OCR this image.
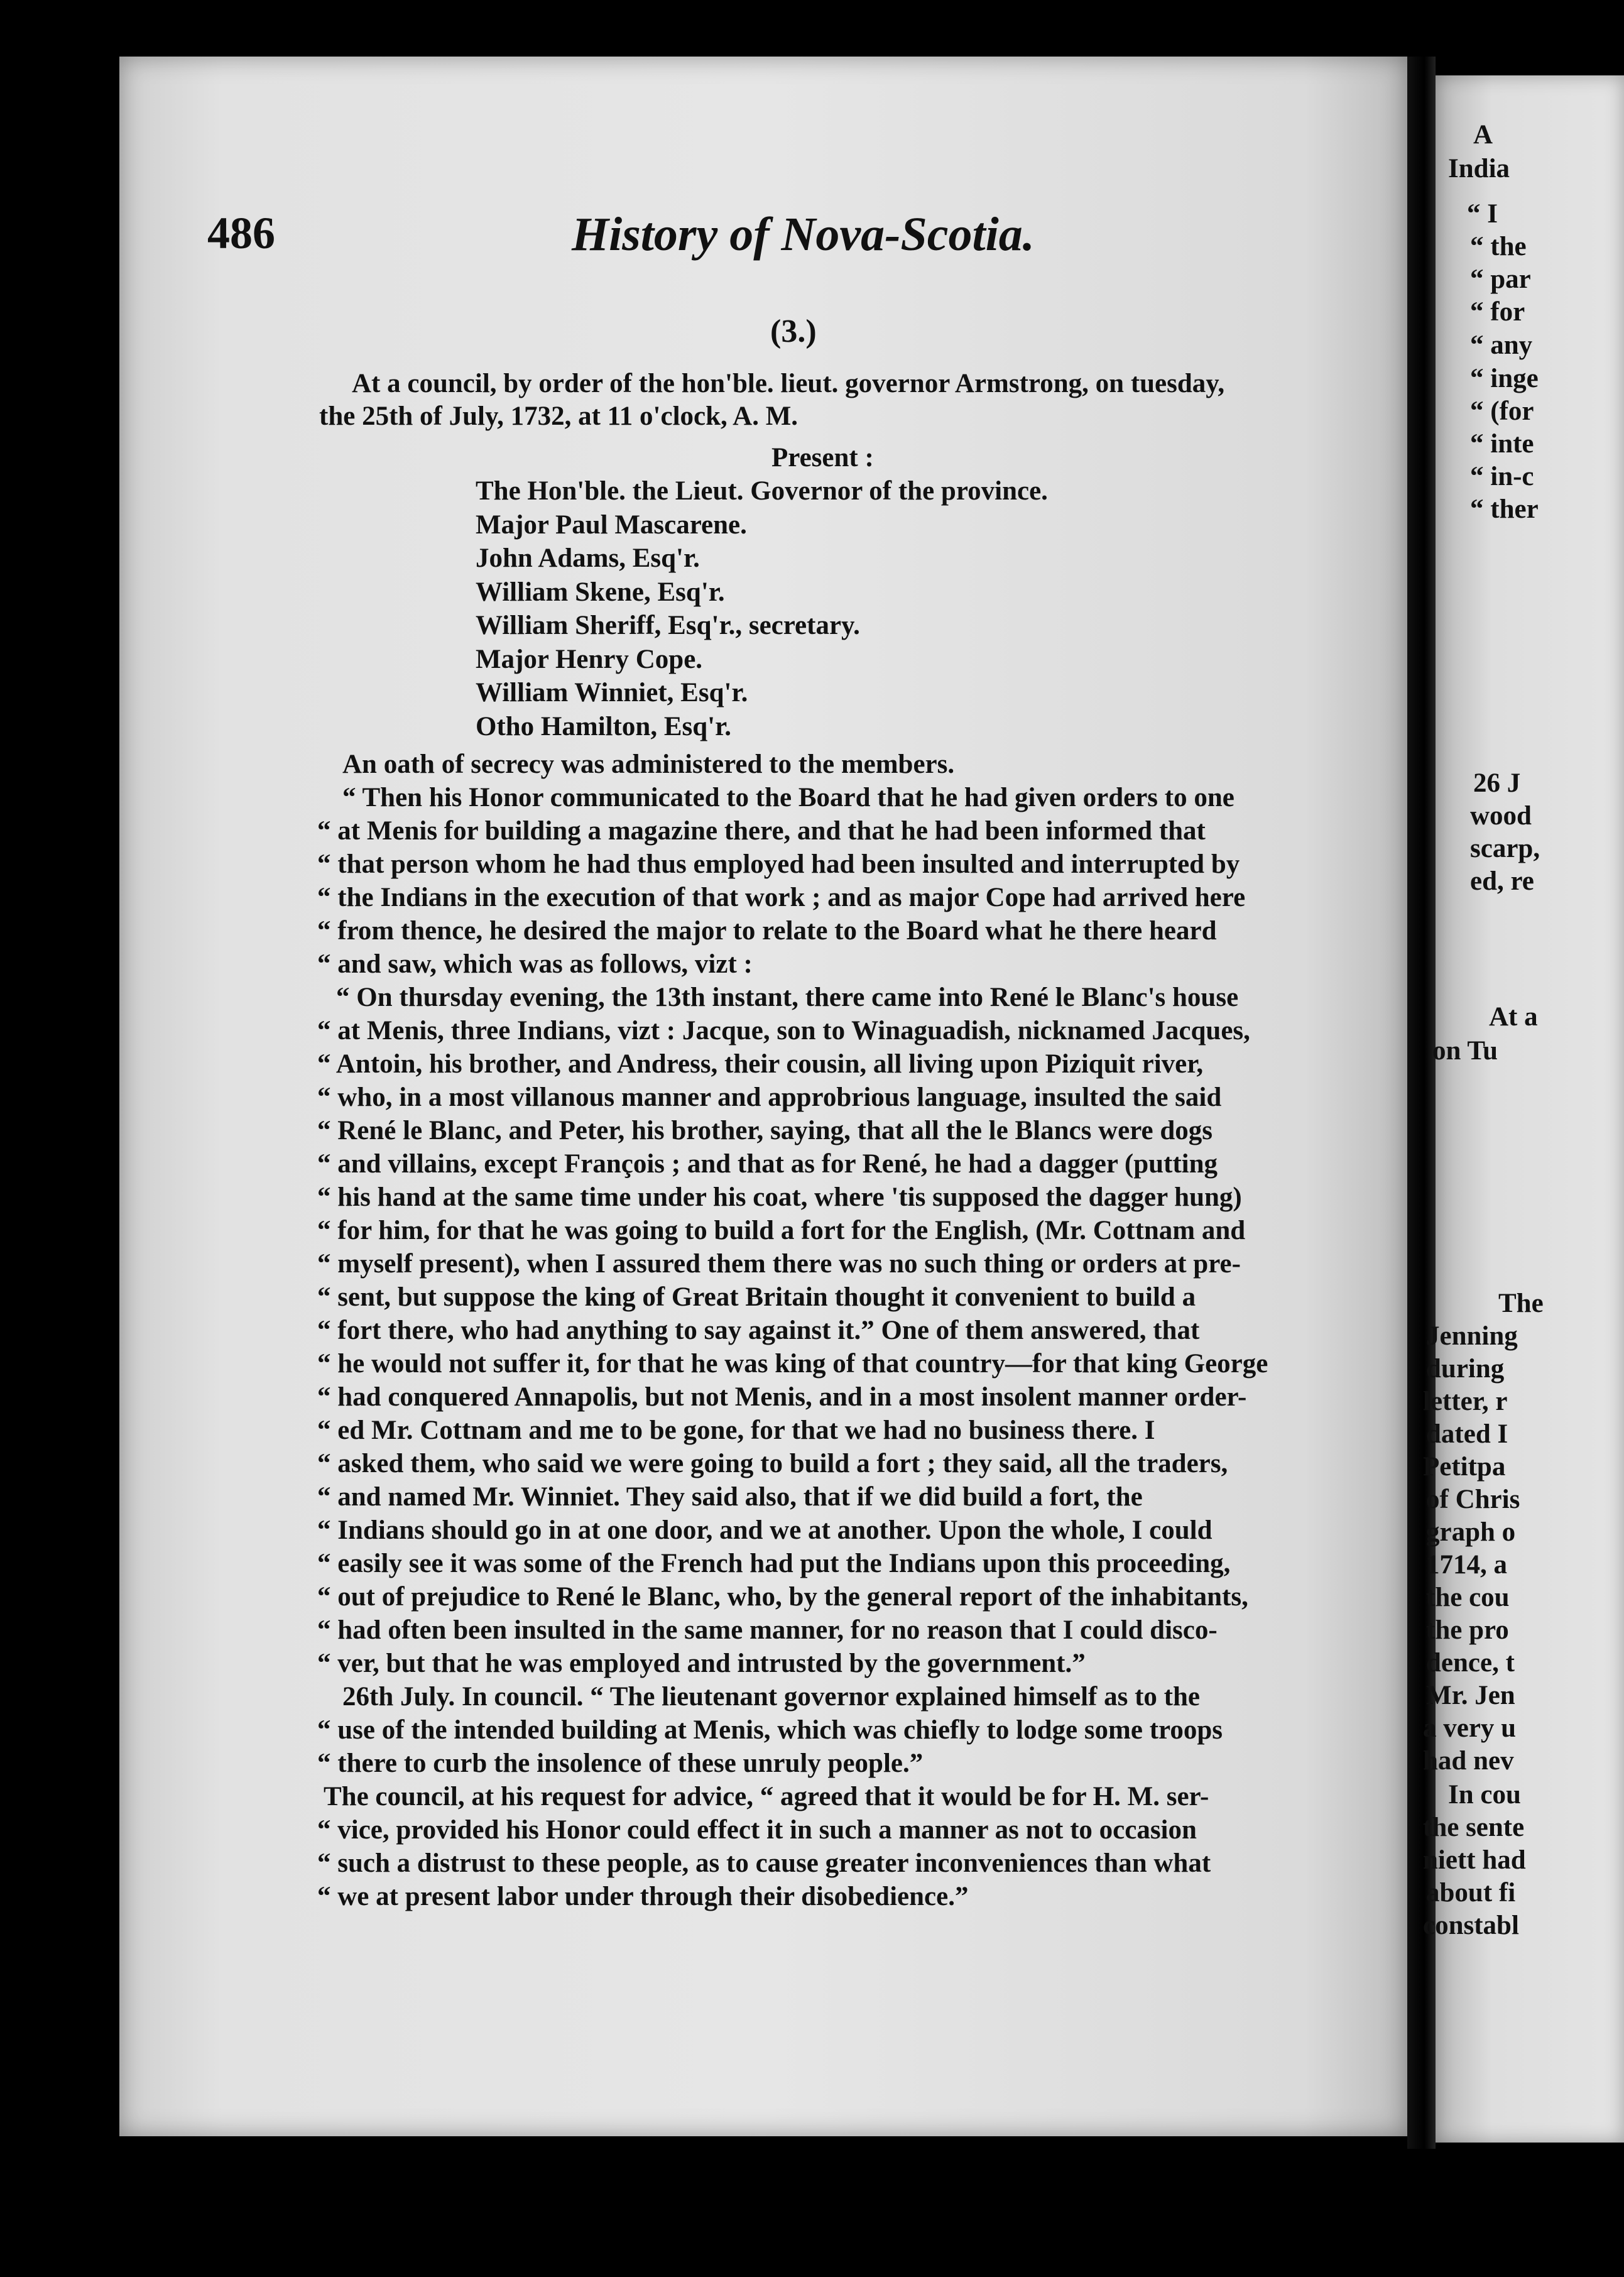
A
India
“ I
“ the
“ par
“ for
“ any
“ inge
“ (for
“ inte
“ in-c
“ ther
26 J
wood
scarp,
ed, re
At a
on Tu
The
Jenning
during
letter, r
dated I
Petitpa
of Chris
graph o
1714, a
the cou
the pro
dence, t
Mr. Jen
a very u
had nev
In cou
the sente
niett had
about fi
constabl
486	History of Nova-Scotia.
(3.)
At a council, by order of the hon'ble. lieut. governor Armstrong, on tuesday,
the 25th of July, 1732, at 11 o'clock, A. M.
Present :
The Hon'ble. the Lieut. Governor of the province.
Major Paul Mascarene.
John Adams, Esq'r.
William Skene, Esq'r.
William Sheriff, Esq'r., secretary.
Major Henry Cope.
William Winniet, Esq'r.
Otho Hamilton, Esq'r.
An oath of secrecy was administered to the members.
“ Then his Honor communicated to the Board that he had given orders to one
“ at Menis for building a magazine there, and that he had been informed that
“ that person whom he had thus employed had been insulted and interrupted by
“ the Indians in the execution of that work ; and as major Cope had arrived here
“ from thence, he desired the major to relate to the Board what he there heard
“ and saw, which was as follows, vizt :
“ On thursday evening, the 13th instant, there came into René le Blanc's house
“ at Menis, three Indians, vizt : Jacque, son to Winaguadish, nicknamed Jacques,
“ Antoin, his brother, and Andress, their cousin, all living upon Piziquit river,
“ who, in a most villanous manner and approbrious language, insulted the said
“ René le Blanc, and Peter, his brother, saying, that all the le Blancs were dogs
“ and villains, except François ; and that as for René, he had a dagger (putting
“ his hand at the same time under his coat, where 'tis supposed the dagger hung)
“ for him, for that he was going to build a fort for the English, (Mr. Cottnam and
“ myself present), when I assured them there was no such thing or orders at pre-
“ sent, but suppose the king of Great Britain thought it convenient to build a
“ fort there, who had anything to say against it.” One of them answered, that
“ he would not suffer it, for that he was king of that country—for that king George
“ had conquered Annapolis, but not Menis, and in a most insolent manner order-
“ ed Mr. Cottnam and me to be gone, for that we had no business there. I
“ asked them, who said we were going to build a fort ; they said, all the traders,
“ and named Mr. Winniet. They said also, that if we did build a fort, the
“ Indians should go in at one door, and we at another. Upon the whole, I could
“ easily see it was some of the French had put the Indians upon this proceeding,
“ out of prejudice to René le Blanc, who, by the general report of the inhabitants,
“ had often been insulted in the same manner, for no reason that I could disco-
“ ver, but that he was employed and intrusted by the government.”
26th July. In council. “ The lieutenant governor explained himself as to the
“ use of the intended building at Menis, which was chiefly to lodge some troops
“ there to curb the insolence of these unruly people.”
The council, at his request for advice, “ agreed that it would be for H. M. ser-
“ vice, provided his Honor could effect it in such a manner as not to occasion
“ such a distrust to these people, as to cause greater inconveniences than what
“ we at present labor under through their disobedience.”
